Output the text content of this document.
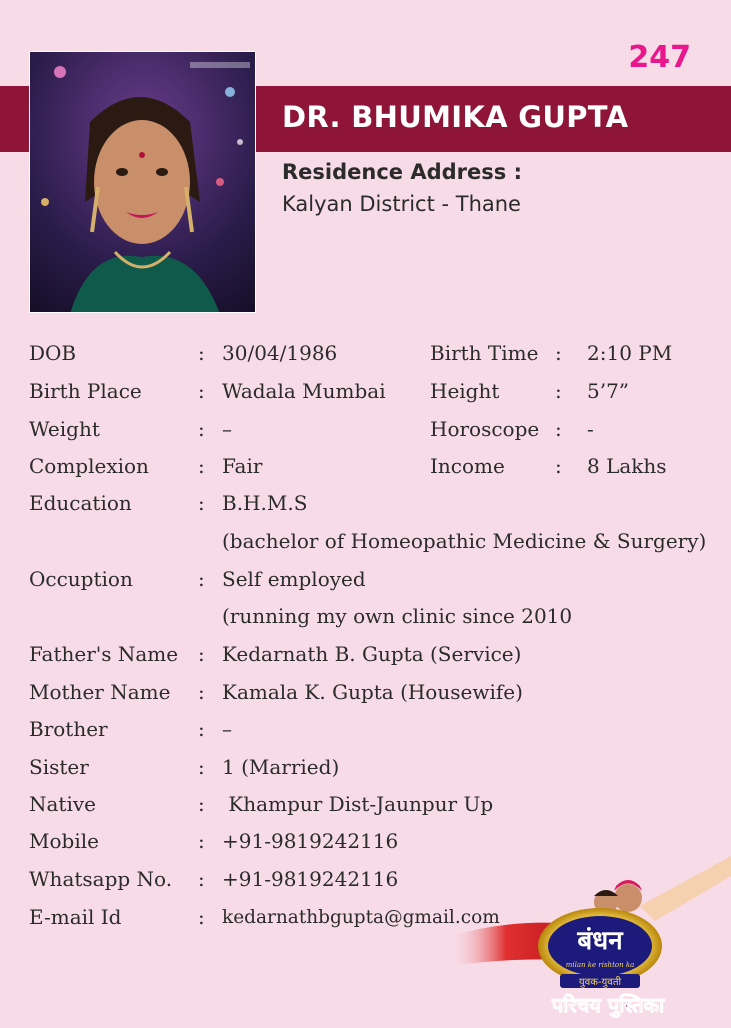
247
DR. BHUMIKA GUPTA
Residence Address :
Kalyan District - Thane
DOB	: 30/04/1986	Birth Time : 2:10 PM
Birth Place	: Wadala Mumbai Height	: 5’7”
Weight	: –	Horoscope : -
Complexion : Fair	Income	: 8 Lakhs
Education	: B.H.M.S
(bachelor of Homeopathic Medicine & Surgery)
Occuption	: Self employed
(running my own clinic since 2010
Father's Name : Kedarnath B. Gupta (Service)
Mother Name : Kamala K. Gupta (Housewife)
Brother	: –
Sister	: 1 (Married)
Native	: Khampur Dist-Jaunpur Up
Mobile	: +91-9819242116
Whatsapp No. : +91-9819242116
E-mail Id	: kedarnathbgupta@gmail.com
बंधन
milan ke rishton ka
युवक-युवती
परिचय पुस्तिका
